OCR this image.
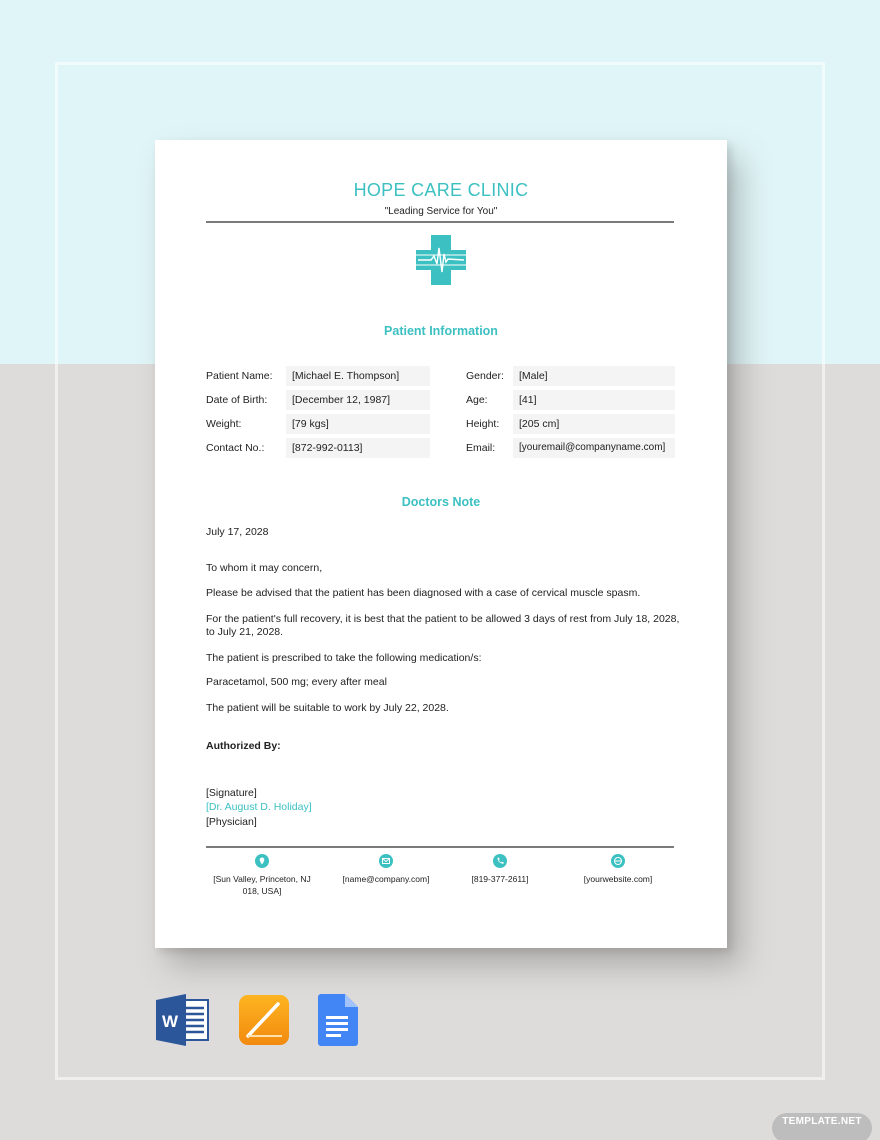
HOPE CARE CLINIC
"Leading Service for You"
Patient Information
Patient Name:	[Michael E. Thompson]
Date of Birth:	[December 12, 1987]
Weight:	[79 kgs]
Contact No.:	[872-992-0113]
Gender:	[Male]
Age:	[41]
Height:	[205 cm]
Email:	[youremail@companyname.com]
Doctors Note
July 17, 2028
To whom it may concern,
Please be advised that the patient has been diagnosed with a case of cervical muscle spasm.
For the patient's full recovery, it is best that the patient to be allowed 3 days of rest from July 18, 2028, to July 21, 2028.
The patient is prescribed to take the following medication/s:
Paracetamol, 500 mg; every after meal
The patient will be suitable to work by July 22, 2028.
Authorized By:
[Signature]
[Dr. August D. Holiday]
[Physician]
[Sun Valley, Princeton, NJ
018, USA]
[name@company.com]	[819-377-2611]	[yourwebsite.com]
W
TEMPLATE.NET
